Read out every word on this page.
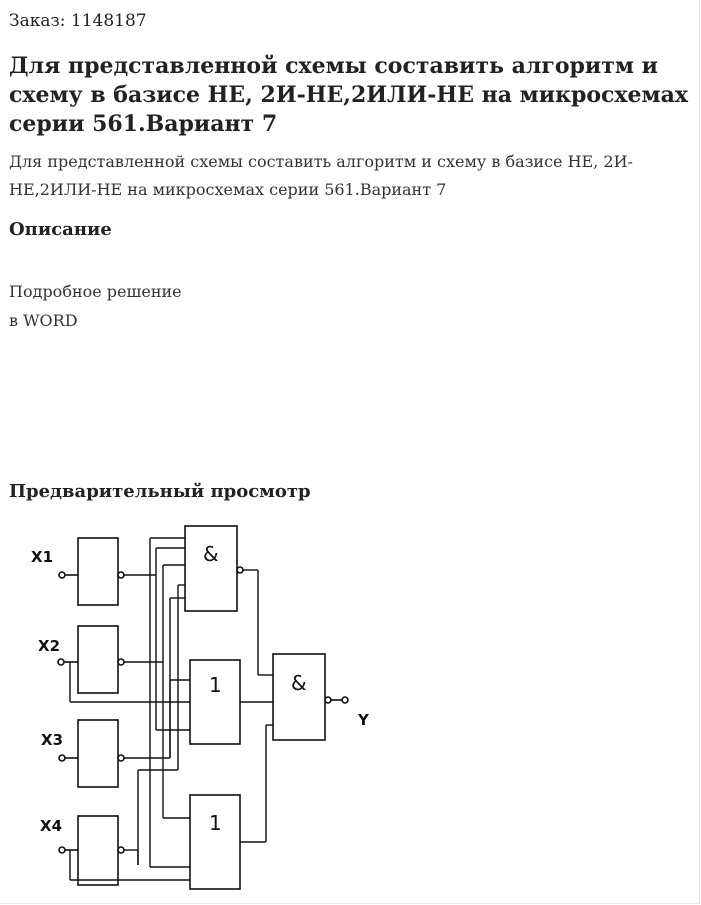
Заказ: 1148187
Для представленной схемы составить алгоритм и схему в базисе НЕ, 2И-НЕ,2ИЛИ-НЕ на микросхемах серии 561.Вариант 7
Для представленной схемы составить алгоритм и схему в базисе НЕ, 2И-НЕ,2ИЛИ-НЕ на микросхемах серии 561.Вариант 7
Описание
Подробное решение
в WORD
Предварительный просмотр
X1
X2
X3
X4
&
1
1
&
Y
